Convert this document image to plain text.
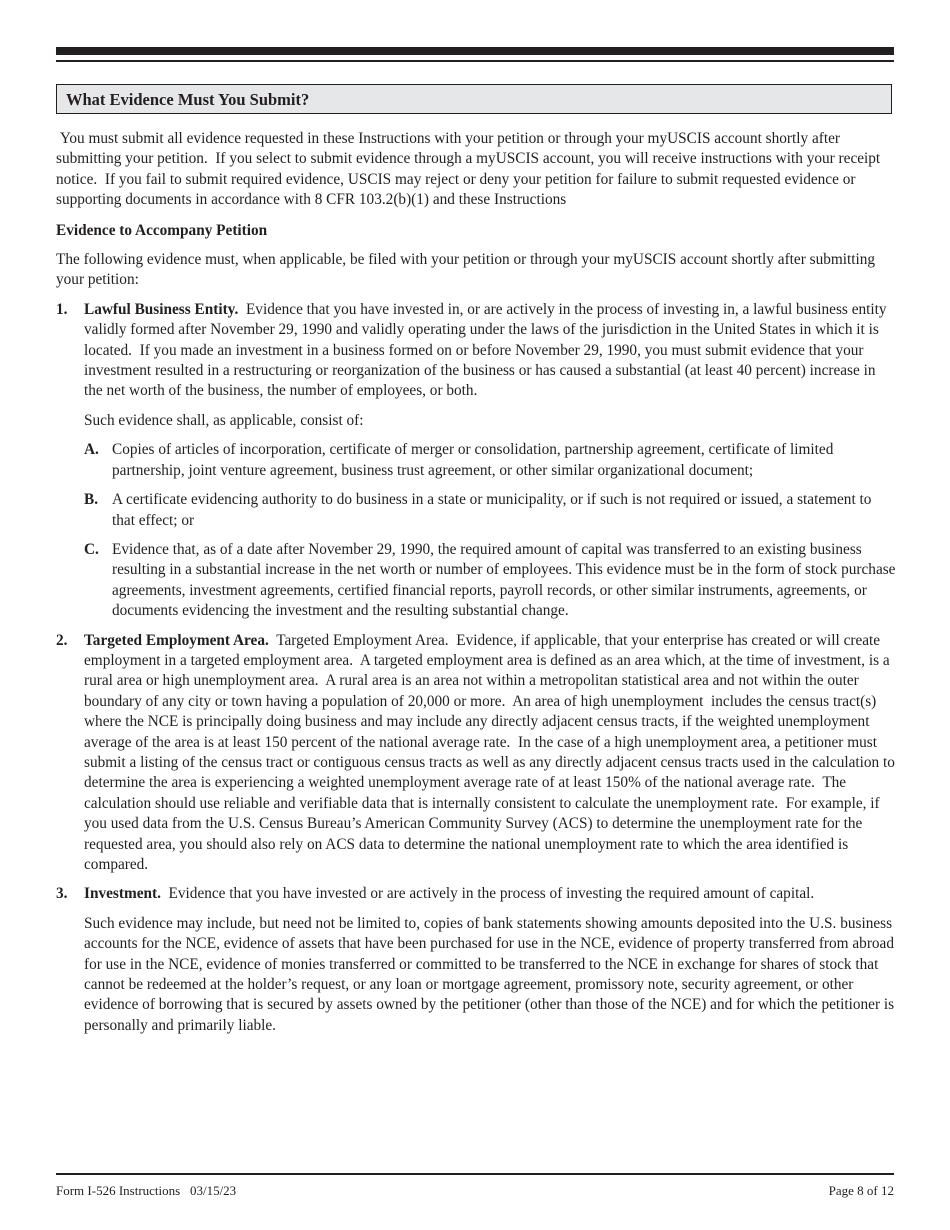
What Evidence Must You Submit?

You must submit all evidence requested in these Instructions with your petition or through your myUSCIS account shortly after submitting your petition.  If you select to submit evidence through a myUSCIS account, you will receive instructions with your receipt notice.  If you fail to submit required evidence, USCIS may reject or deny your petition for failure to submit requested evidence or supporting documents in accordance with 8 CFR 103.2(b)(1) and these Instructions

Evidence to Accompany Petition

The following evidence must, when applicable, be filed with your petition or through your myUSCIS account shortly after submitting your petition:

1. Lawful Business Entity.  Evidence that you have invested in, or are actively in the process of investing in, a lawful business entity validly formed after November 29, 1990 and validly operating under the laws of the jurisdiction in the United States in which it is located.  If you made an investment in a business formed on or before November 29, 1990, you must submit evidence that your investment resulted in a restructuring or reorganization of the business or has caused a substantial (at least 40 percent) increase in the net worth of the business, the number of employees, or both.

Such evidence shall, as applicable, consist of:

A. Copies of articles of incorporation, certificate of merger or consolidation, partnership agreement, certificate of limited partnership, joint venture agreement, business trust agreement, or other similar organizational document;

B. A certificate evidencing authority to do business in a state or municipality, or if such is not required or issued, a statement to that effect; or

C. Evidence that, as of a date after November 29, 1990, the required amount of capital was transferred to an existing business resulting in a substantial increase in the net worth or number of employees. This evidence must be in the form of stock purchase agreements, investment agreements, certified financial reports, payroll records, or other similar instruments, agreements, or documents evidencing the investment and the resulting substantial change.

2. Targeted Employment Area.  Targeted Employment Area.  Evidence, if applicable, that your enterprise has created or will create employment in a targeted employment area.  A targeted employment area is defined as an area which, at the time of investment, is a rural area or high unemployment area.  A rural area is an area not within a metropolitan statistical area and not within the outer boundary of any city or town having a population of 20,000 or more.  An area of high unemployment  includes the census tract(s) where the NCE is principally doing business and may include any directly adjacent census tracts, if the weighted unemployment average of the area is at least 150 percent of the national average rate.  In the case of a high unemployment area, a petitioner must submit a listing of the census tract or contiguous census tracts as well as any directly adjacent census tracts used in the calculation to determine the area is experiencing a weighted unemployment average rate of at least 150% of the national average rate.  The calculation should use reliable and verifiable data that is internally consistent to calculate the unemployment rate.  For example, if you used data from the U.S. Census Bureau’s American Community Survey (ACS) to determine the unemployment rate for the requested area, you should also rely on ACS data to determine the national unemployment rate to which the area identified is compared.

3. Investment.  Evidence that you have invested or are actively in the process of investing the required amount of capital.

Such evidence may include, but need not be limited to, copies of bank statements showing amounts deposited into the U.S. business accounts for the NCE, evidence of assets that have been purchased for use in the NCE, evidence of property transferred from abroad for use in the NCE, evidence of monies transferred or committed to be transferred to the NCE in exchange for shares of stock that cannot be redeemed at the holder’s request, or any loan or mortgage agreement, promissory note, security agreement, or other evidence of borrowing that is secured by assets owned by the petitioner (other than those of the NCE) and for which the petitioner is personally and primarily liable.

Form I-526 Instructions   03/15/23	Page 8 of 12
